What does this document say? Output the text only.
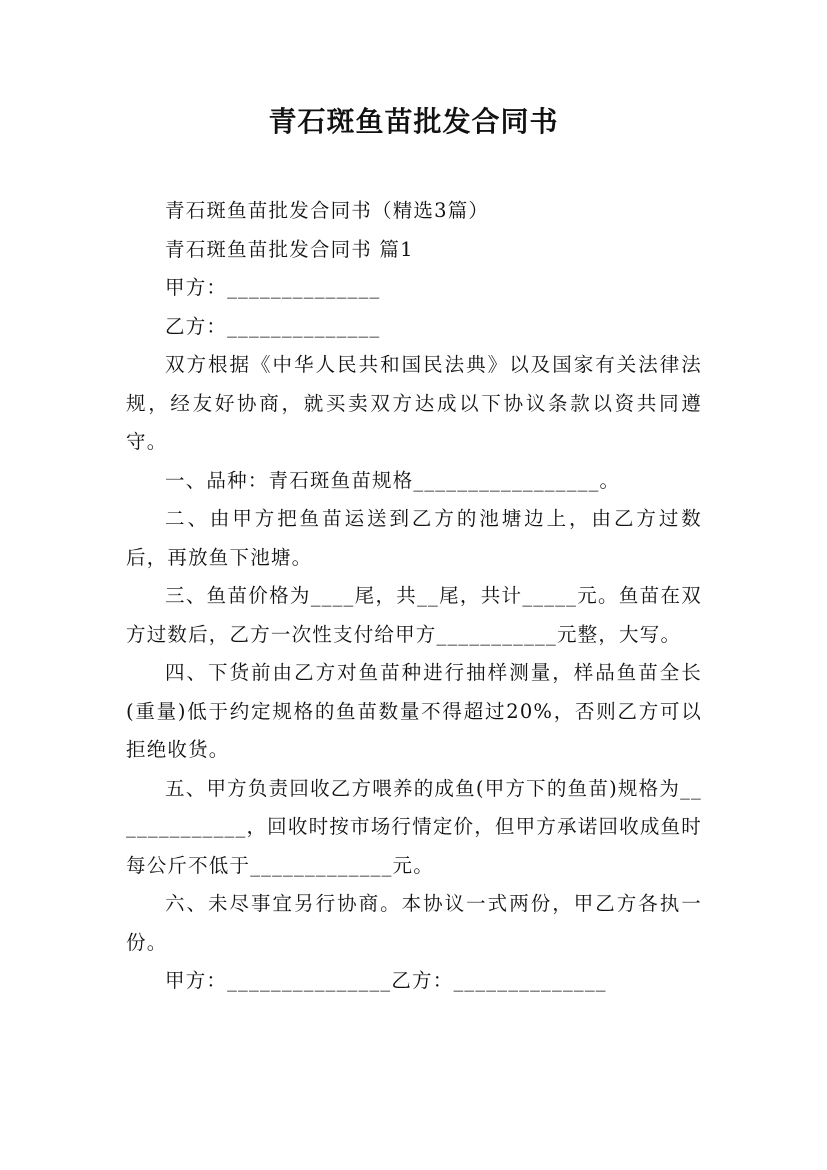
青石斑鱼苗批发合同书

青石斑鱼苗批发合同书（精选3篇）

青石斑鱼苗批发合同书 篇1

甲方：______________

乙方：______________

双方根据《中华人民共和国民法典》以及国家有关法律法规，经友好协商，就买卖双方达成以下协议条款以资共同遵守。

一、品种：青石斑鱼苗规格_________________。

二、由甲方把鱼苗运送到乙方的池塘边上，由乙方过数后，再放鱼下池塘。

三、鱼苗价格为____尾，共__尾，共计_____元。鱼苗在双方过数后，乙方一次性支付给甲方___________元整，大写。

四、下货前由乙方对鱼苗种进行抽样测量，样品鱼苗全长(重量)低于约定规格的鱼苗数量不得超过20%，否则乙方可以拒绝收货。

五、甲方负责回收乙方喂养的成鱼(甲方下的鱼苗)规格为_____________，回收时按市场行情定价，但甲方承诺回收成鱼时每公斤不低于_____________元。

六、未尽事宜另行协商。本协议一式两份，甲乙方各执一份。

甲方：_______________乙方：______________
